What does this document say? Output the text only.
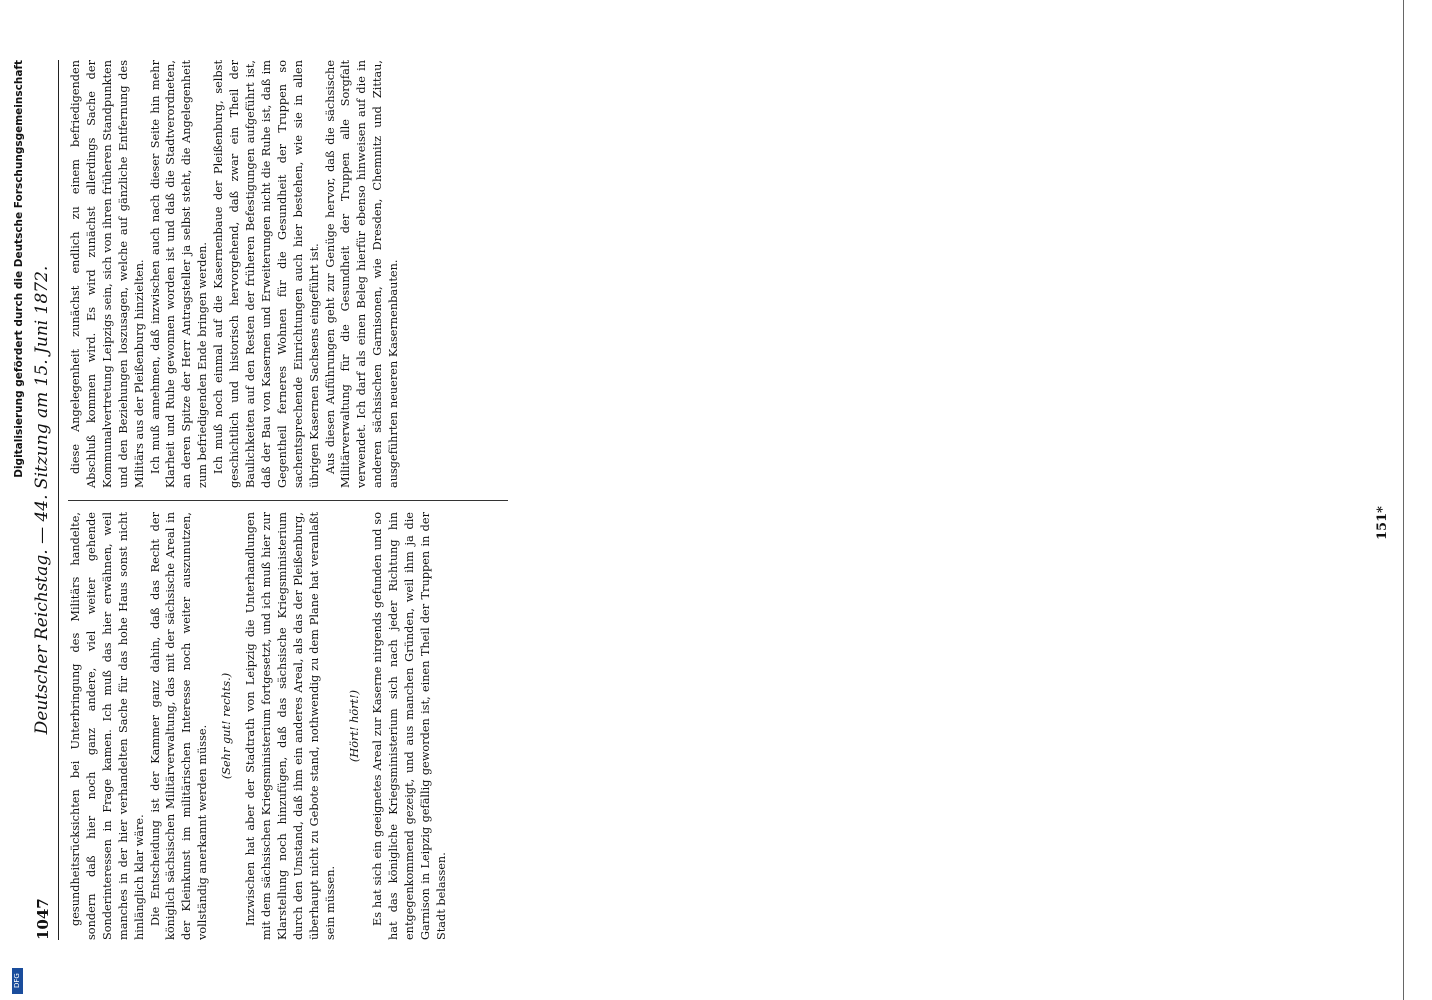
1047
Deutscher Reichstag. — 44. Sitzung am 15. Juni 1872. gesundheitsrücksichten bei Unterbringung des Militärs handelte, sondern daß hier noch ganz andere, viel weiter gehende Sonderinteressen in Frage kamen. Ich muß das hier erwähnen, weil manches in der hier verhandelten Sache für das hohe Haus sonst nicht hinlänglich klar wäre. Die Entscheidung ist der Kammer ganz dahin, daß das Recht der königlich sächsischen Militärverwaltung, das mit der sächsische Areal in der Kleinkunst im militärischen Interesse noch weiter auszunutzen, vollständig anerkannt werden müsse. (Sehr gut! rechts.) Inzwischen hat aber der Stadtrath von Leipzig die Unterhandlungen mit dem sächsischen Kriegsministerium fortgesetzt, und ich muß hier zur Klarstellung noch hinzufügen, daß das sächsische Kriegsministerium durch den Umstand, daß ihm ein anderes Areal, als das der Pleißenburg, überhaupt nicht zu Gebote stand, nothwendig zu dem Plane hat veranlaßt sein müssen.

(Hört! hört!) Es hat sich ein geeignetes Areal zur Kaserne nirgends gefunden und so hat das königliche Kriegsministerium sich nach jeder Richtung hin entgegenkommend gezeigt, und aus manchen Gründen, weil ihm ja die Garnison in Leipzig gefällig geworden ist, einen Theil der Truppen in der Stadt belassen.

diese Angelegenheit zunächst endlich zu einem befriedigenden Abschluß kommen wird. Es wird zunächst allerdings Sache der Kommunalvertretung Leipzigs sein, sich von ihren früheren Standpunkten und den Beziehungen loszusagen, welche auf gänzliche Entfernung des Militärs aus der Pleißenburg hinzielten. Ich muß annehmen, daß inzwischen auch nach dieser Seite hin mehr Klarheit und Ruhe gewonnen worden ist und daß die Stadtverordneten, an deren Spitze der Herr Antragsteller ja selbst steht, die Angelegenheit zum befriedigenden Ende bringen werden. Ich muß noch einmal auf die Kasernenbaue der Pleißenburg, selbst geschichtlich und historisch hervorgehend, daß zwar ein Theil der Baulichkeiten auf den Resten der früheren Befestigungen aufgeführt ist, daß der Bau von Kasernen und Erweiterungen nicht die Ruhe ist, daß im Gegentheil ferneres Wohnen für die Gesundheit der Truppen so sachentsprechende Einrichtungen auch hier bestehen, wie sie in allen übrigen Kasernen Sachsens eingeführt ist. Aus diesen Auführungen geht zur Genüge hervor, daß die sächsische Militärverwaltung für die Gesundheit der Truppen alle Sorgfalt verwendet. Ich darf als einen Beleg hierfür ebenso hinweisen auf die in anderen sächsischen Garnisonen, wie Dresden, Chemnitz und Zittau, ausgeführten neueren Kasernenbauten.

151*
Digitalisierung gefördert durch die Deutsche Forschungsgemeinschaft
DFG
